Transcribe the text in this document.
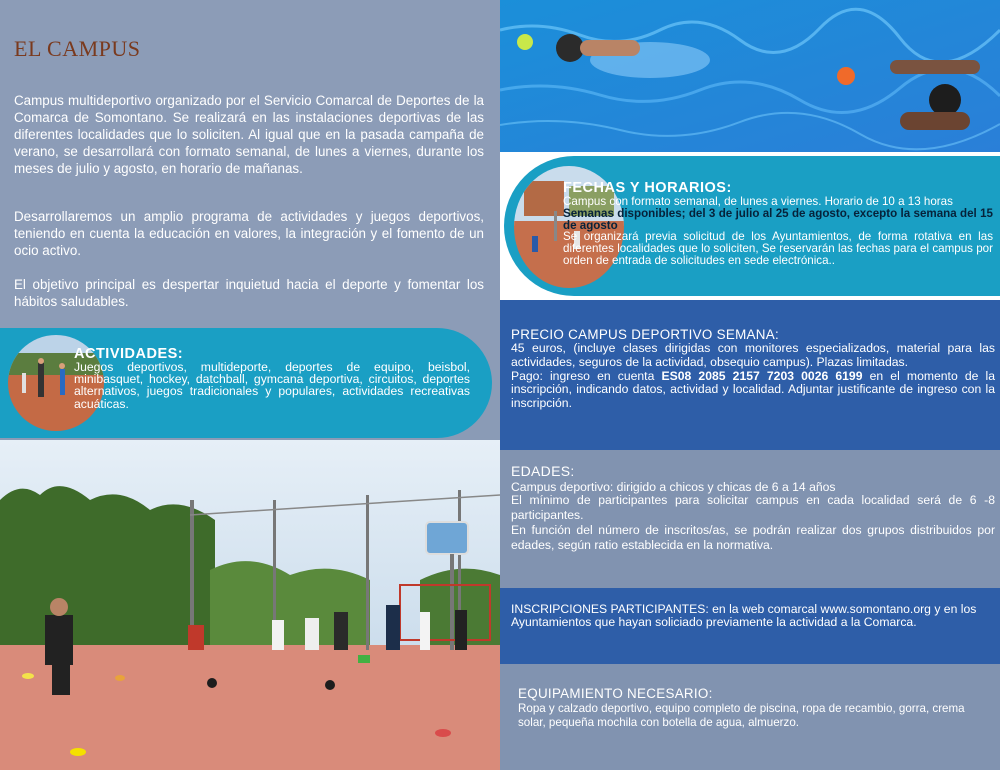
EL CAMPUS
Campus multideportivo organizado por el Servicio Comarcal de Deportes de la Comarca de Somontano. Se realizará en las instalaciones deportivas de las diferentes localidades que lo soliciten. Al igual que en la pasada campaña de verano, se desarrollará con formato semanal, de lunes a viernes, durante los meses de julio y agosto, en horario de mañanas.
Desarrollaremos un amplio programa de actividades y juegos deportivos, teniendo en cuenta la educación en valores, la integración y el fomento de un ocio activo.
El objetivo principal es despertar inquietud hacia el deporte y fomentar los hábitos saludables.
ACTIVIDADES:
Juegos deportivos, multideporte, deportes de equipo, beisbol, minibasquet, hockey, datchball, gymcana deportiva, circuitos, deportes alternativos, juegos tradicionales y populares, actividades recreativas acuáticas.
FECHAS Y HORARIOS:
Campus con formato semanal, de lunes a viernes. Horario de 10 a 13 horas
Semanas disponibles; del 3 de julio al 25 de agosto, excepto la semana del 15 de agosto
Se organizará previa solicitud de los Ayuntamientos, de forma rotativa en las diferentes localidades que lo soliciten, Se reservarán las fechas para el campus por orden de entrada de solicitudes en sede electrónica..
PRECIO CAMPUS DEPORTIVO SEMANA:
45 euros, (incluye clases dirigidas con monitores especializados, material para las actividades, seguros de la actividad, obsequio campus). Plazas limitadas.
Pago: ingreso en cuenta ES08 2085 2157 7203 0026 6199 en el momento de la inscripción, indicando datos, actividad y localidad. Adjuntar justificante de ingreso con la inscripción.
EDADES:
Campus deportivo: dirigido a chicos y chicas de 6 a 14 años
El mínimo de participantes para solicitar campus en cada localidad será de 6 -8 participantes.
En función del número de inscritos/as, se podrán realizar dos grupos distribuidos por edades, según ratio establecida en la normativa.
INSCRIPCIONES PARTICIPANTES: en la web comarcal www.somontano.org y en los Ayuntamientos que hayan soliciado previamente la actividad a la Comarca.
EQUIPAMIENTO NECESARIO:
Ropa y calzado deportivo, equipo completo de piscina, ropa de recambio, gorra, crema solar, pequeña mochila con botella de agua, almuerzo.
